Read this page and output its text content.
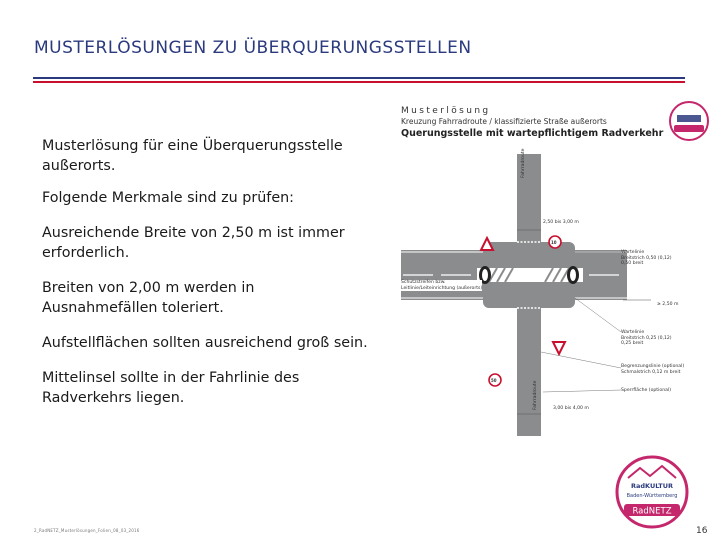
MUSTERLÖSUNGEN ZU ÜBERQUERUNGSSTELLEN

Musterlösung für eine Überquerungsstelle außerorts.

Folgende Merkmale sind zu prüfen:

Ausreichende Breite von 2,50 m ist immer erforderlich.

Breiten von 2,00 m werden in Ausnahmefällen toleriert.

Aufstellflächen sollten ausreichend groß sein.

Mittelinsel sollte in der Fahrlinie des Radverkehrs liegen.

Musterlösung
Kreuzung Fahrradroute / klassifizierte Straße außerorts
Querungsstelle mit wartepflichtigem Radverkehr
Fahrradroute
Fahrradroute
2,50 bis 3,00 m
3,00 bis 4,00 m
≥ 2,50 m
Wartelinie
Breitstrich 0,50 (0,12)
0,50 breit
Wartelinie
Breitstrich 0,25 (0,12)
0,25 breit
Begrenzungslinie (optional)
Schmalstrich 0,12 m breit
Sperrfläche (optional)
Schutzstreifen bzw.
Leitlinie/Leiteinrichtung (außerorts)
10
50
RadNETZ
RadKULTUR
Baden-Württemberg
2_RadNETZ_Musterlösungen_Folien_08_03_2016	16
